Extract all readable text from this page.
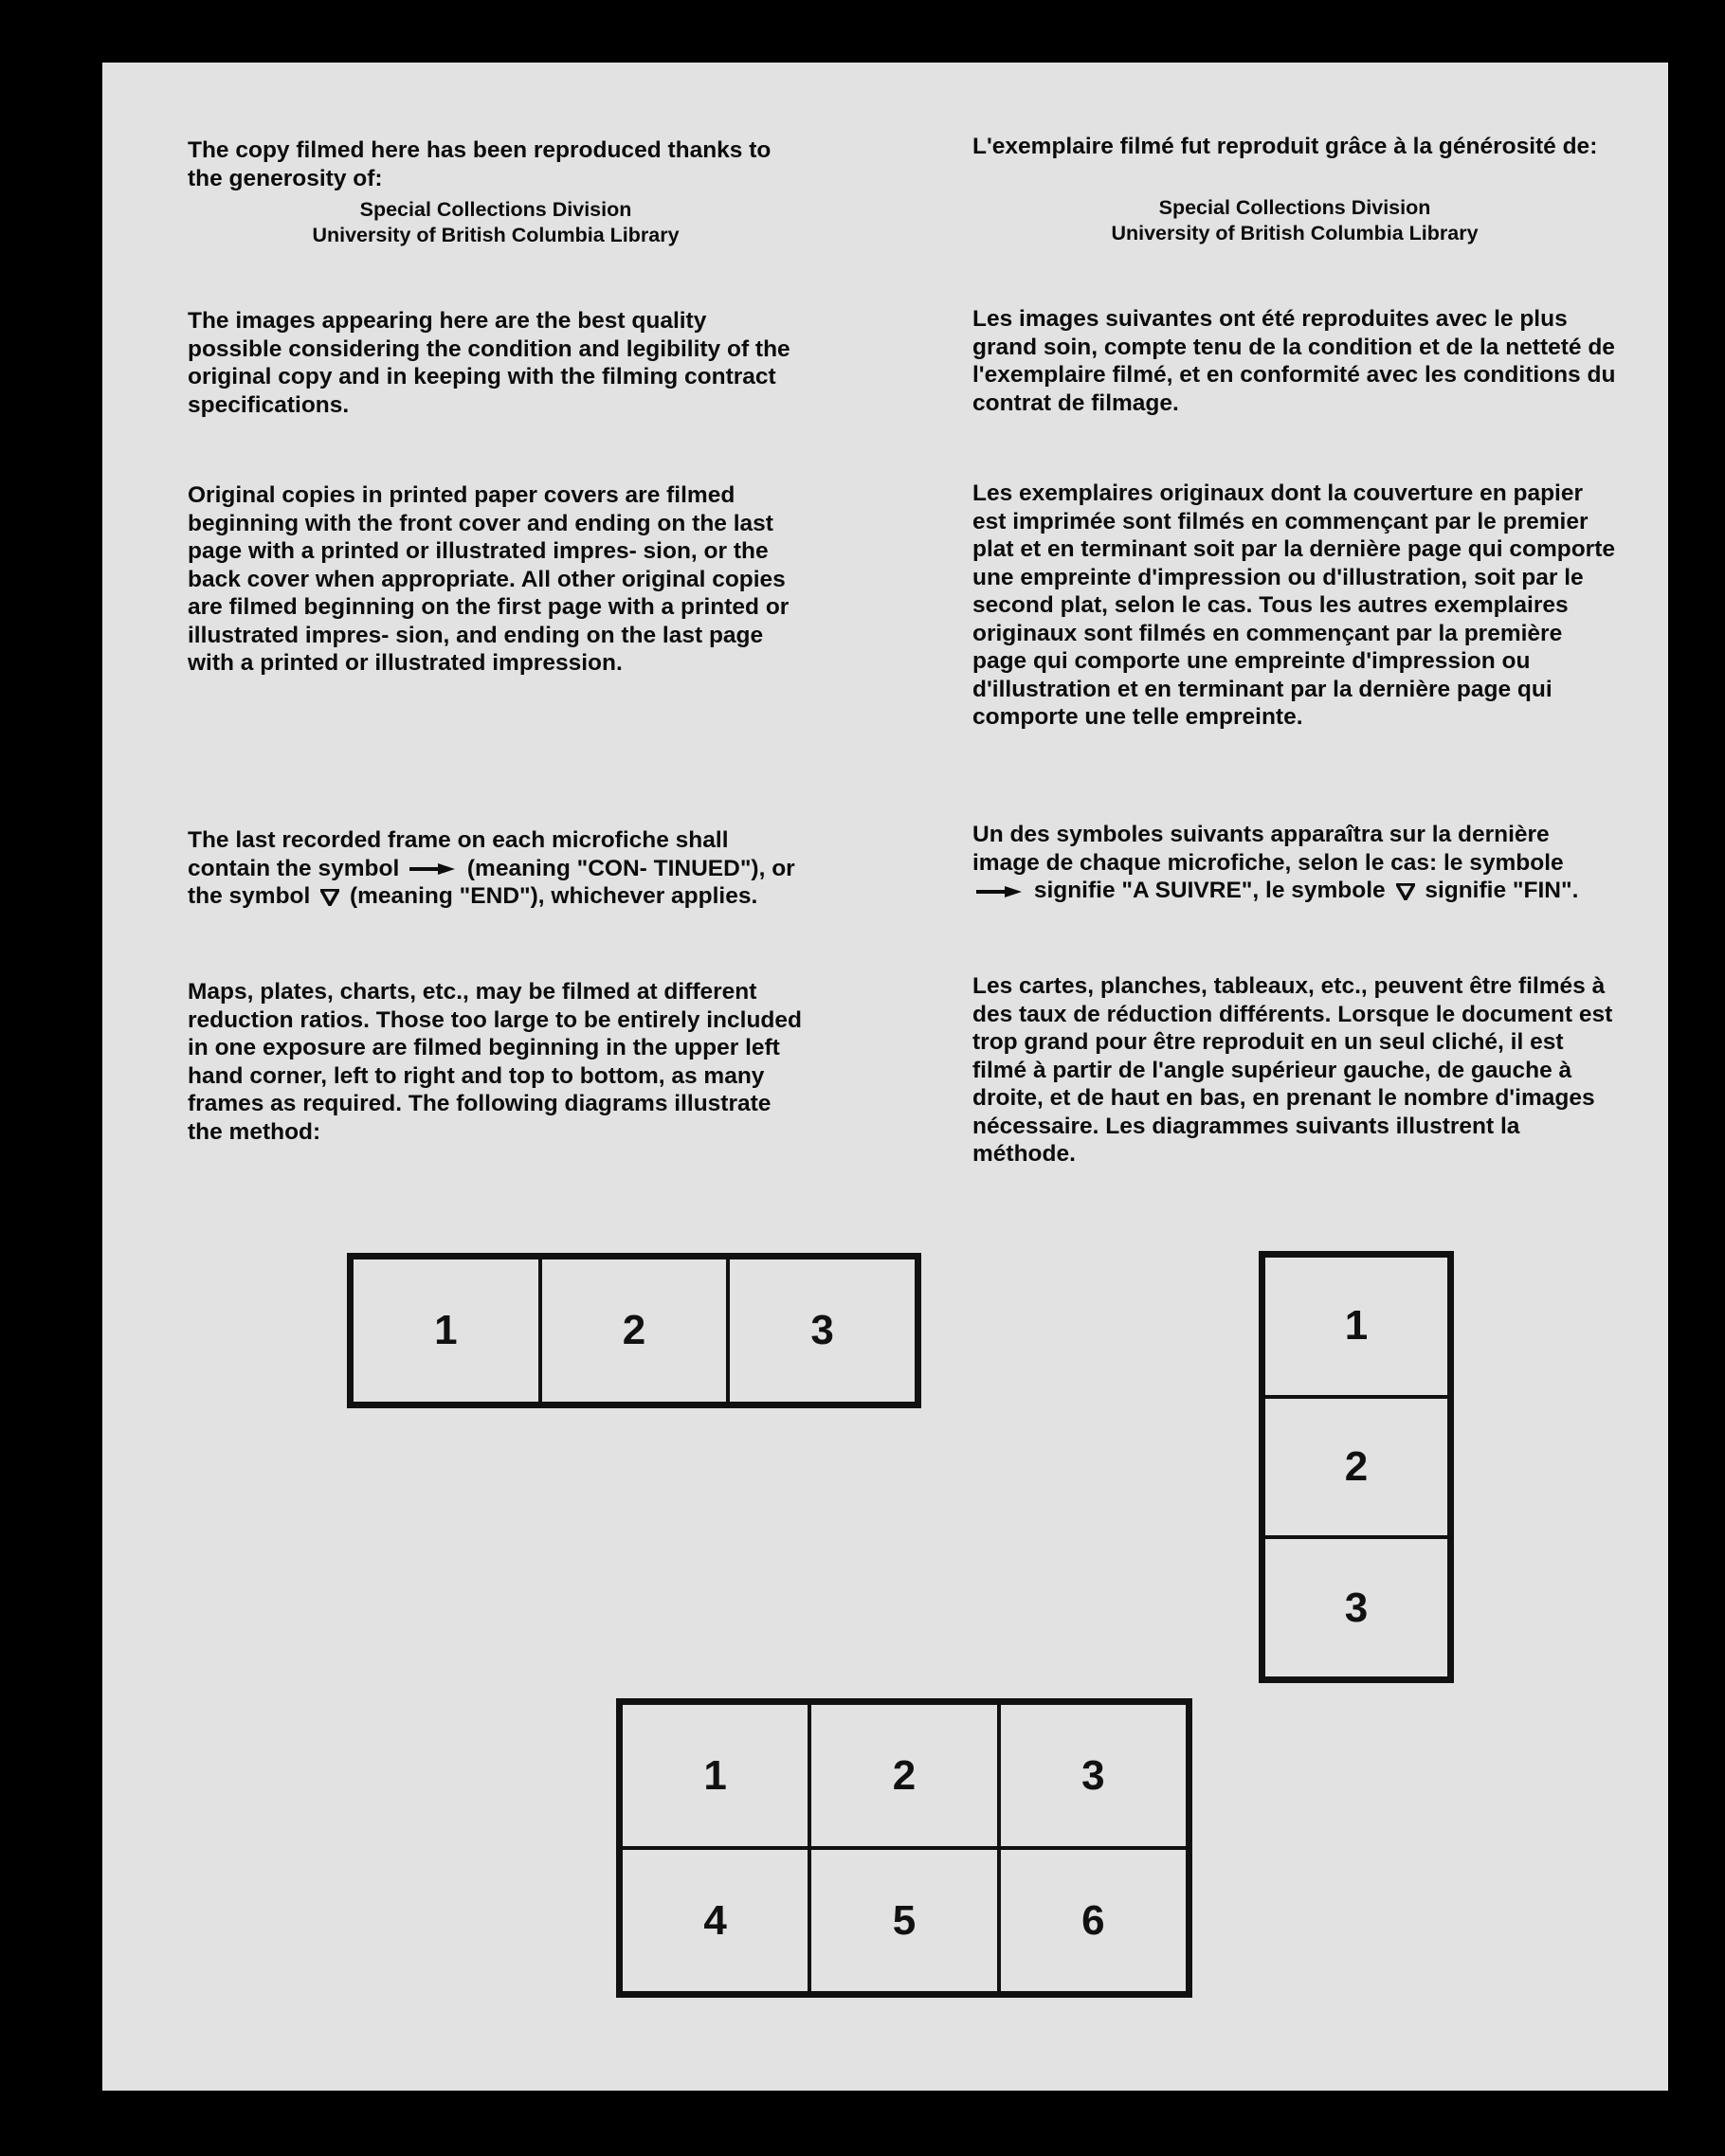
The copy filmed here has been reproduced thanks to the generosity of:

Special Collections Division
University of British Columbia Library

The images appearing here are the best quality possible considering the condition and legibility of the original copy and in keeping with the filming contract specifications.

Original copies in printed paper covers are filmed beginning with the front cover and ending on the last page with a printed or illustrated impres- sion, or the back cover when appropriate. All other original copies are filmed beginning on the first page with a printed or illustrated impres- sion, and ending on the last page with a printed or illustrated impression.

The last recorded frame on each microfiche shall contain the symbol	(meaning "CON- TINUED"), or the symbol (meaning "END"), whichever applies.

Maps, plates, charts, etc., may be filmed at different reduction ratios. Those too large to be entirely included in one exposure are filmed beginning in the upper left hand corner, left to right and top to bottom, as many frames as required. The following diagrams illustrate the method:

L'exemplaire filmé fut reproduit grâce à la générosité de:

Special Collections Division
University of British Columbia Library

Les images suivantes ont été reproduites avec le plus grand soin, compte tenu de la condition et de la netteté de l'exemplaire filmé, et en conformité avec les conditions du contrat de filmage.

Les exemplaires originaux dont la couverture en papier est imprimée sont filmés en commençant par le premier plat et en terminant soit par la dernière page qui comporte une empreinte d'impression ou d'illustration, soit par le second plat, selon le cas. Tous les autres exemplaires originaux sont filmés en commençant par la première page qui comporte une empreinte d'impression ou d'illustration et en terminant par la dernière page qui comporte une telle empreinte.

Un des symboles suivants apparaîtra sur la dernière image de chaque microfiche, selon le cas: le symbole  signifie "A SUIVRE", le symbole signifie "FIN".

Les cartes, planches, tableaux, etc., peuvent être filmés à des taux de réduction différents. Lorsque le document est trop grand pour être reproduit en un seul cliché, il est filmé à partir de l'angle supérieur gauche, de gauche à droite, et de haut en bas, en prenant le nombre d'images nécessaire. Les diagrammes suivants illustrent la méthode.

1	2	3	1
2
3
1	2	3
4	5	6
